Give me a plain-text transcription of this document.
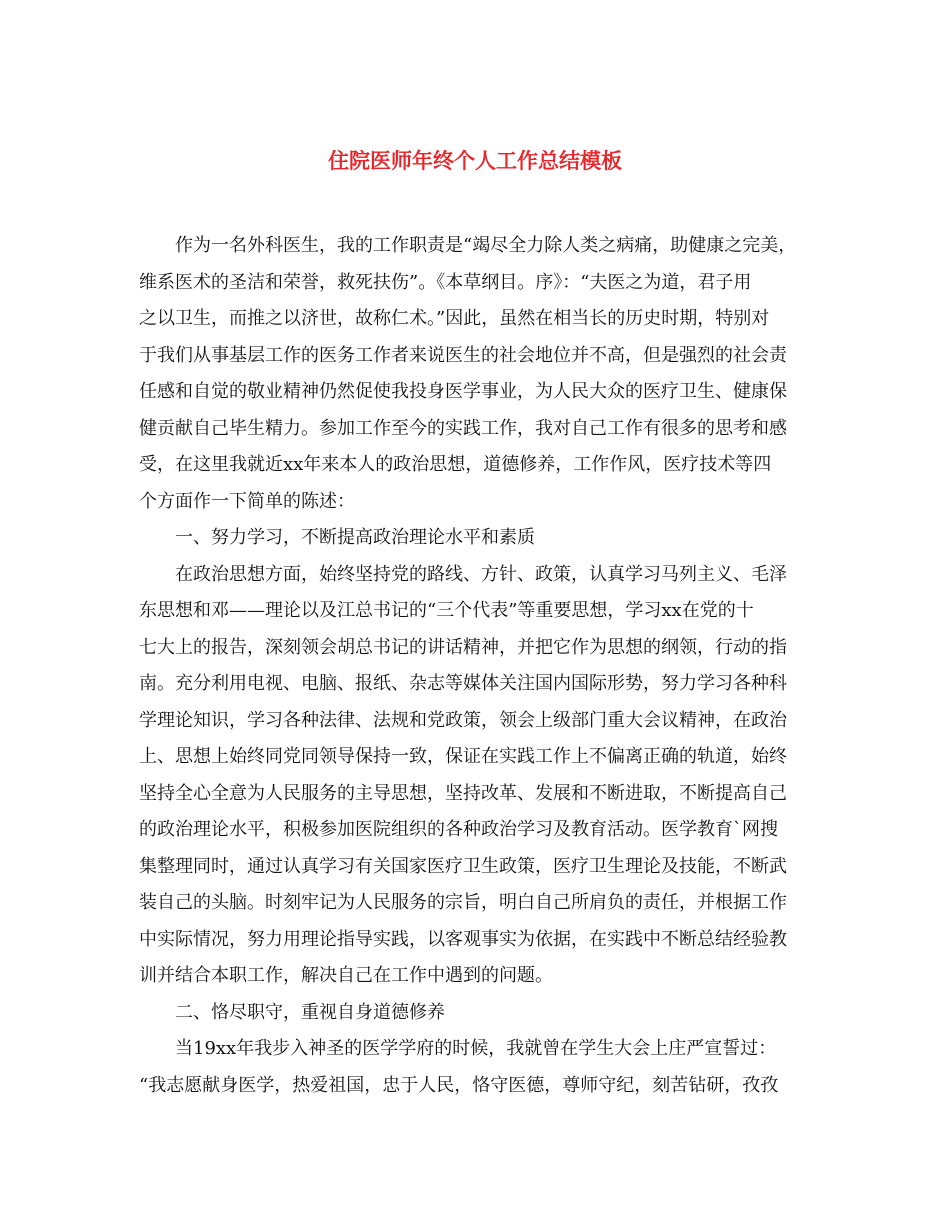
住院医师年终个人工作总结模板
作为一名外科医生，我的工作职责是“竭尽全力除人类之病痛，助健康之完美，
维系医术的圣洁和荣誉，救死扶伤”。《本草纲目。序》：“夫医之为道，君子用
之以卫生，而推之以济世，故称仁术。”因此，虽然在相当长的历史时期，特别对
于我们从事基层工作的医务工作者来说医生的社会地位并不高，但是强烈的社会责
任感和自觉的敬业精神仍然促使我投身医学事业，为人民大众的医疗卫生、健康保
健贡献自己毕生精力。参加工作至今的实践工作，我对自己工作有很多的思考和感
受，在这里我就近xx年来本人的政治思想，道德修养，工作作风，医疗技术等四
个方面作一下简单的陈述：
一、努力学习，不断提高政治理论水平和素质
在政治思想方面，始终坚持党的路线、方针、政策，认真学习马列主义、毛泽
东思想和邓——理论以及江总书记的“三个代表”等重要思想，学习xx在党的十
七大上的报告，深刻领会胡总书记的讲话精神，并把它作为思想的纲领，行动的指
南。充分利用电视、电脑、报纸、杂志等媒体关注国内国际形势，努力学习各种科
学理论知识，学习各种法律、法规和党政策，领会上级部门重大会议精神，在政治
上、思想上始终同党同领导保持一致，保证在实践工作上不偏离正确的轨道，始终
坚持全心全意为人民服务的主导思想，坚持改革、发展和不断进取，不断提高自己
的政治理论水平，积极参加医院组织的各种政治学习及教育活动。医学教育`网搜
集整理同时，通过认真学习有关国家医疗卫生政策，医疗卫生理论及技能，不断武
装自己的头脑。时刻牢记为人民服务的宗旨，明白自己所肩负的责任，并根据工作
中实际情况，努力用理论指导实践，以客观事实为依据，在实践中不断总结经验教
训并结合本职工作，解决自己在工作中遇到的问题。
二、恪尽职守，重视自身道德修养
当19xx年我步入神圣的医学学府的时候，我就曾在学生大会上庄严宣誓过：
“我志愿献身医学，热爱祖国，忠于人民，恪守医德，尊师守纪，刻苦钻研，孜孜
